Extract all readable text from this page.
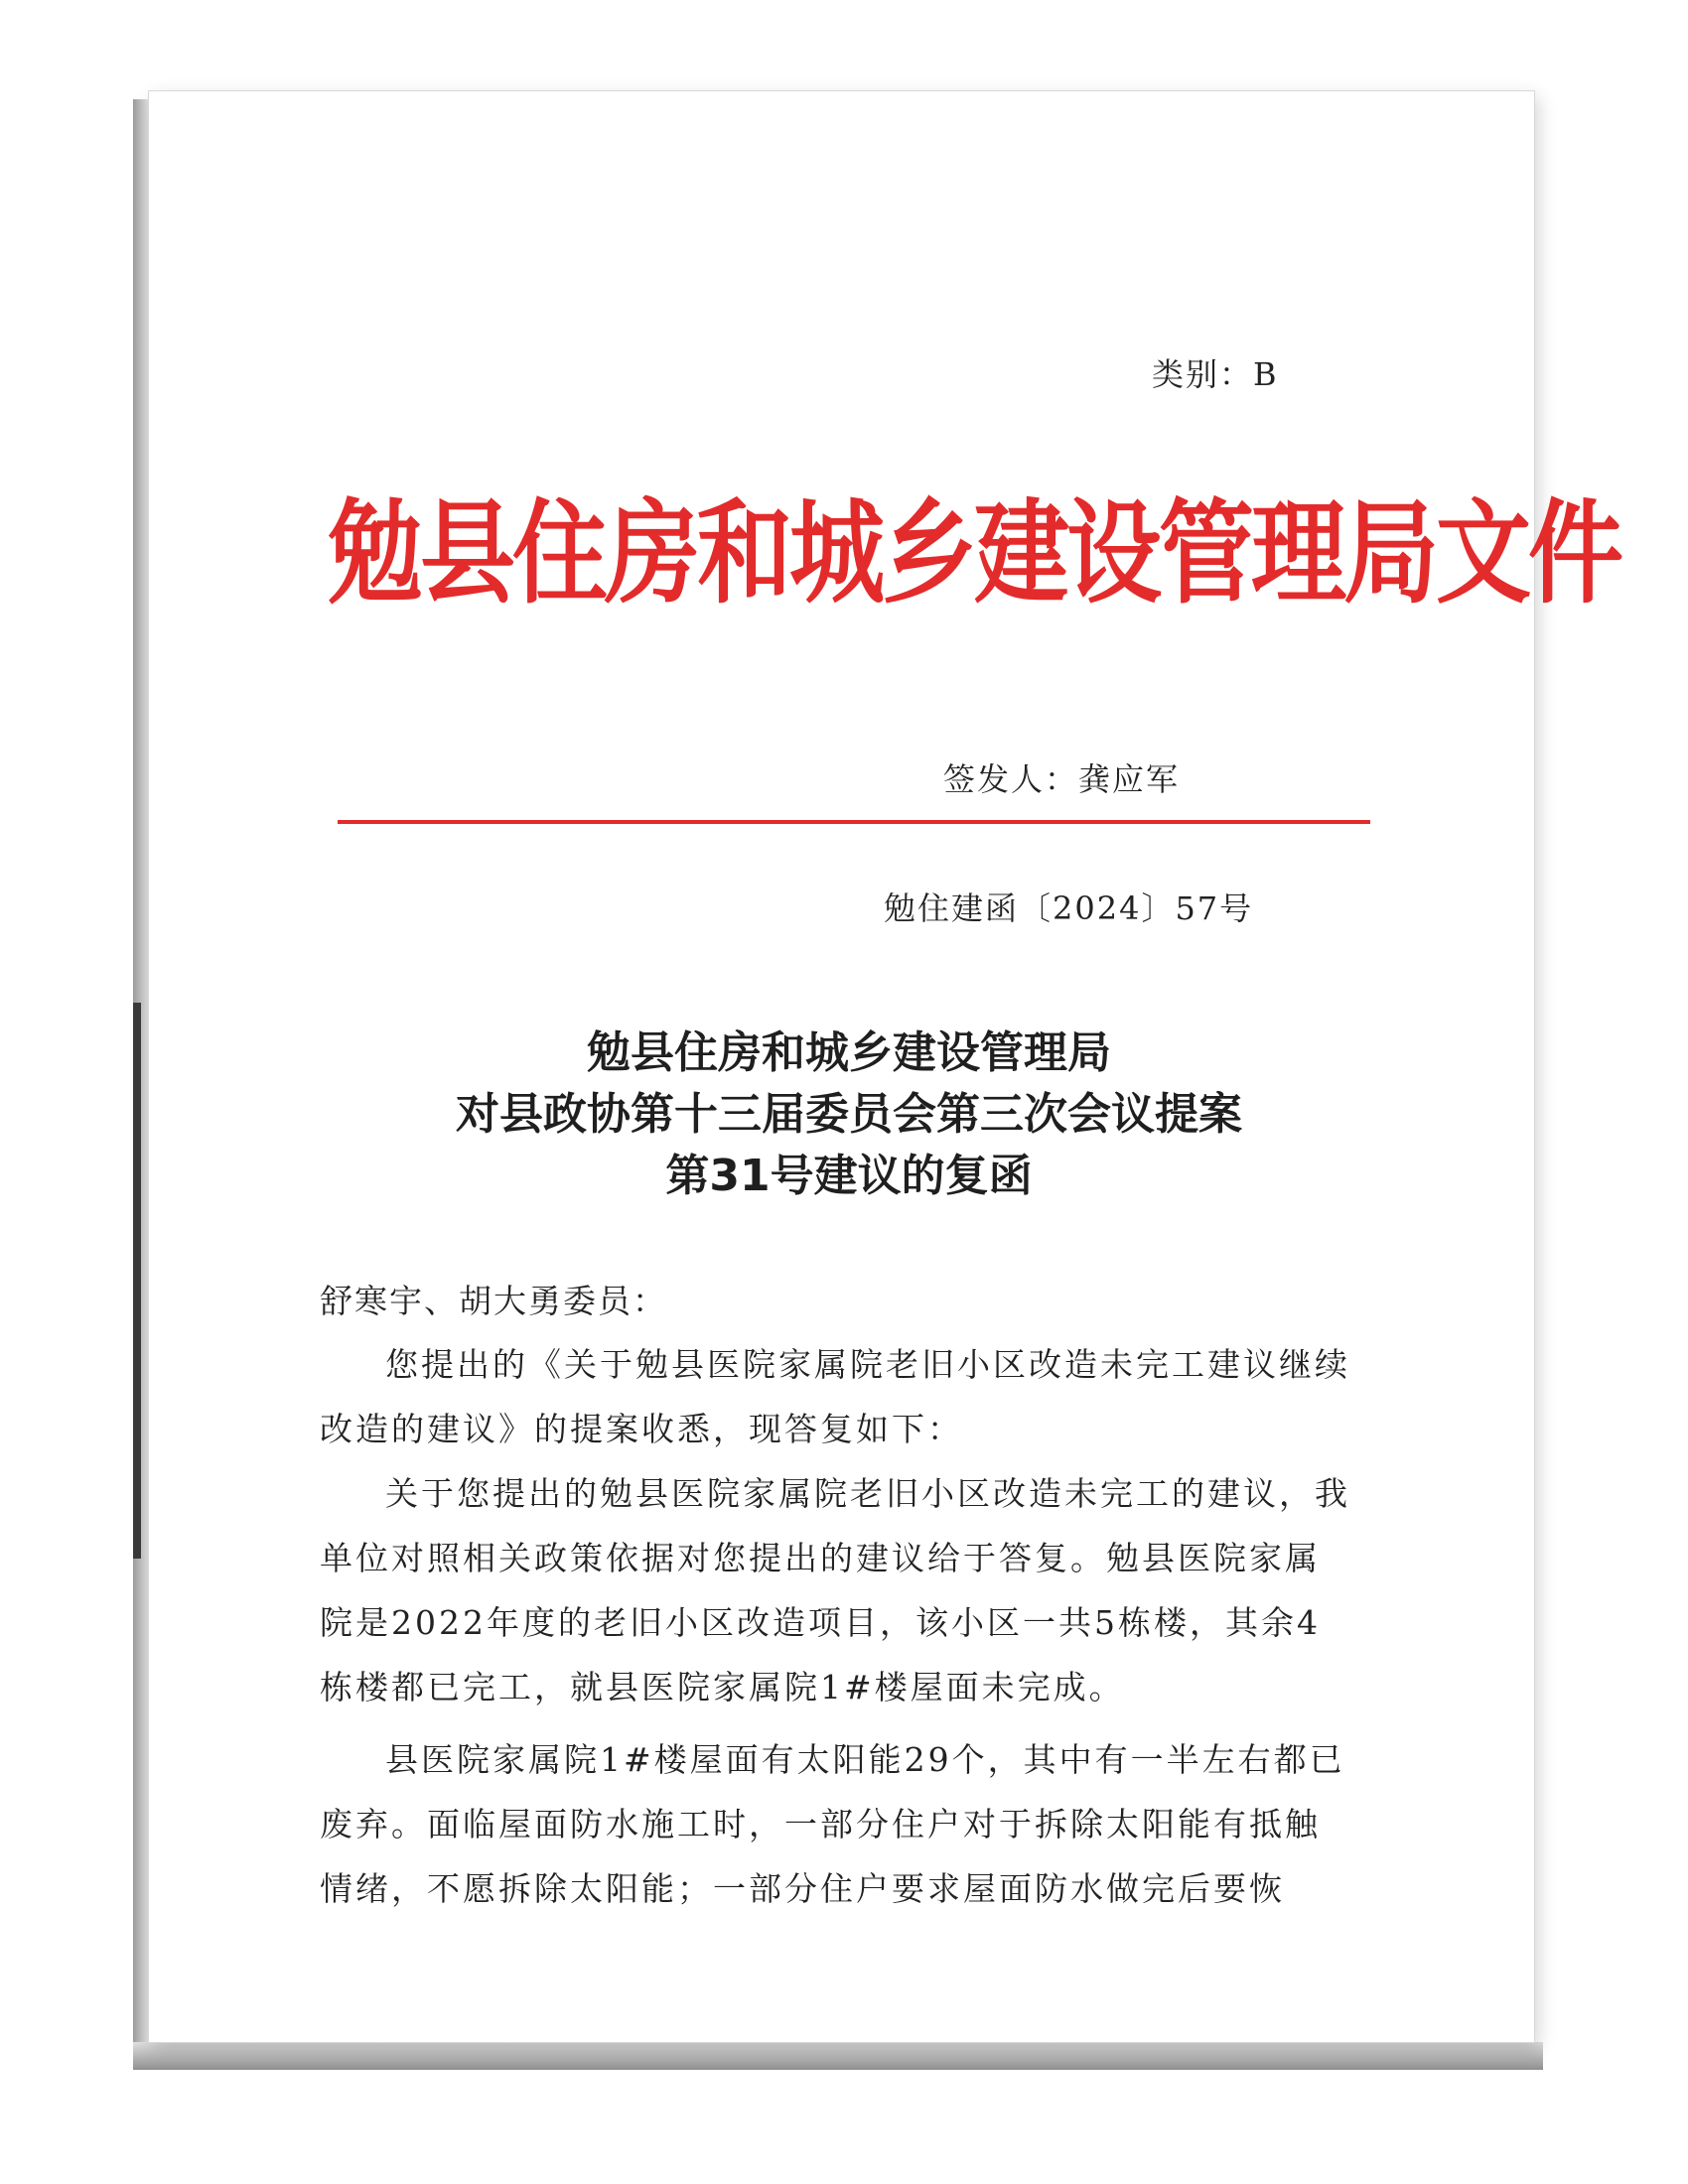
类别：B
勉县住房和城乡建设管理局文件
签发人：龚应军
勉住建函〔2024〕57号
勉县住房和城乡建设管理局
对县政协第十三届委员会第三次会议提案
第31号建议的复函
舒寒宇、胡大勇委员：

您提出的《关于勉县医院家属院老旧小区改造未完工建议继续改造的建议》的提案收悉，现答复如下：

关于您提出的勉县医院家属院老旧小区改造未完工的建议，我单位对照相关政策依据对您提出的建议给于答复。勉县医院家属院是2022年度的老旧小区改造项目，该小区一共5栋楼，其余4栋楼都已完工，就县医院家属院1#楼屋面未完成。

县医院家属院1#楼屋面有太阳能29个，其中有一半左右都已废弃。面临屋面防水施工时，一部分住户对于拆除太阳能有抵触情绪，不愿拆除太阳能；一部分住户要求屋面防水做完后要恢
